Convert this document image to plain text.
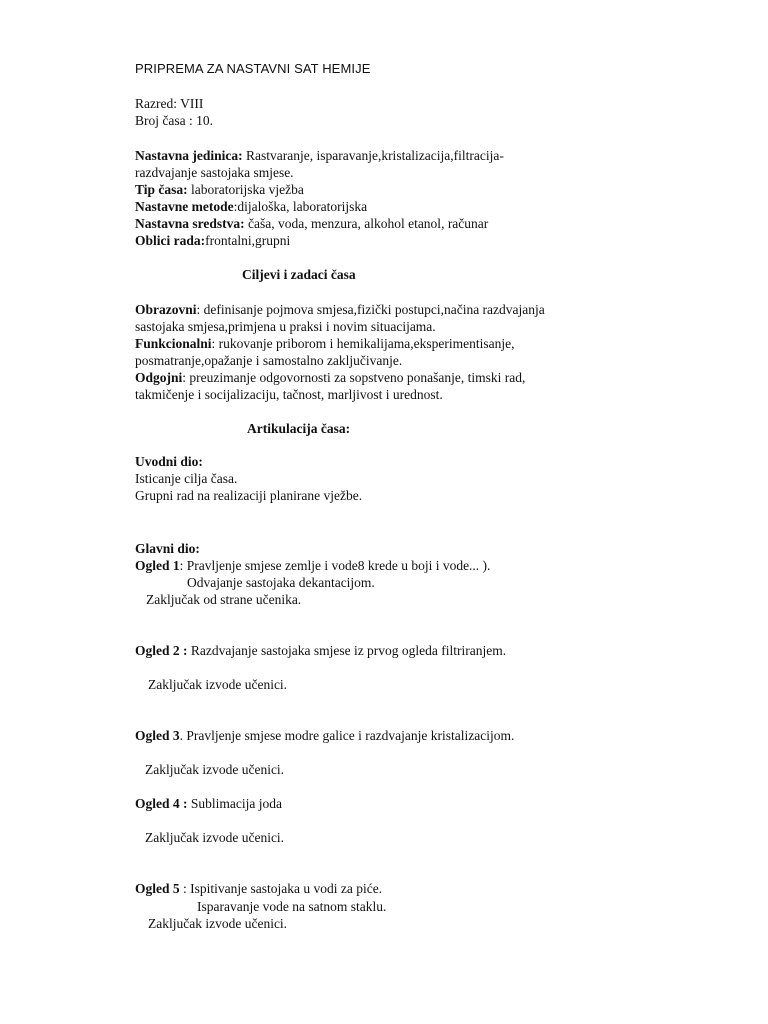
PRIPREMA ZA NASTAVNI SAT HEMIJE
Razred: VIII
Broj časa : 10.
Nastavna jedinica: Rastvaranje, isparavanje,kristalizacija,filtracija-
razdvajanje sastojaka smjese.
Tip časa: laboratorijska vježba
Nastavne metode:dijaloška, laboratorijska
Nastavna sredstva: čaša, voda, menzura, alkohol etanol, računar
Oblici rada:frontalni,grupni
Ciljevi i zadaci časa
Obrazovni: definisanje pojmova smjesa,fizički postupci,načina razdvajanja
sastojaka smjesa,primjena u praksi i novim situacijama.
Funkcionalni: rukovanje priborom i hemikalijama,eksperimentisanje,
posmatranje,opažanje i samostalno zaključivanje.
Odgojni: preuzimanje odgovornosti za sopstveno ponašanje, timski rad,
takmičenje i socijalizaciju, tačnost, marljivost i urednost.
Artikulacija časa:
Uvodni dio:
Isticanje cilja časa.
Grupni rad na realizaciji planirane vježbe.
Glavni dio:
Ogled 1: Pravljenje smjese zemlje i vode8 krede u boji i vode... ).
Odvajanje sastojaka dekantacijom.
Zaključak od strane učenika.
Ogled 2 : Razdvajanje sastojaka smjese iz prvog ogleda filtriranjem.
Zaključak izvode učenici.
Ogled 3. Pravljenje smjese modre galice i razdvajanje kristalizacijom.
Zaključak izvode učenici.
Ogled 4 : Sublimacija joda
Zaključak izvode učenici.
Ogled 5 : Ispitivanje sastojaka u vodi za piće.
Isparavanje vode na satnom staklu.
Zaključak izvode učenici.
